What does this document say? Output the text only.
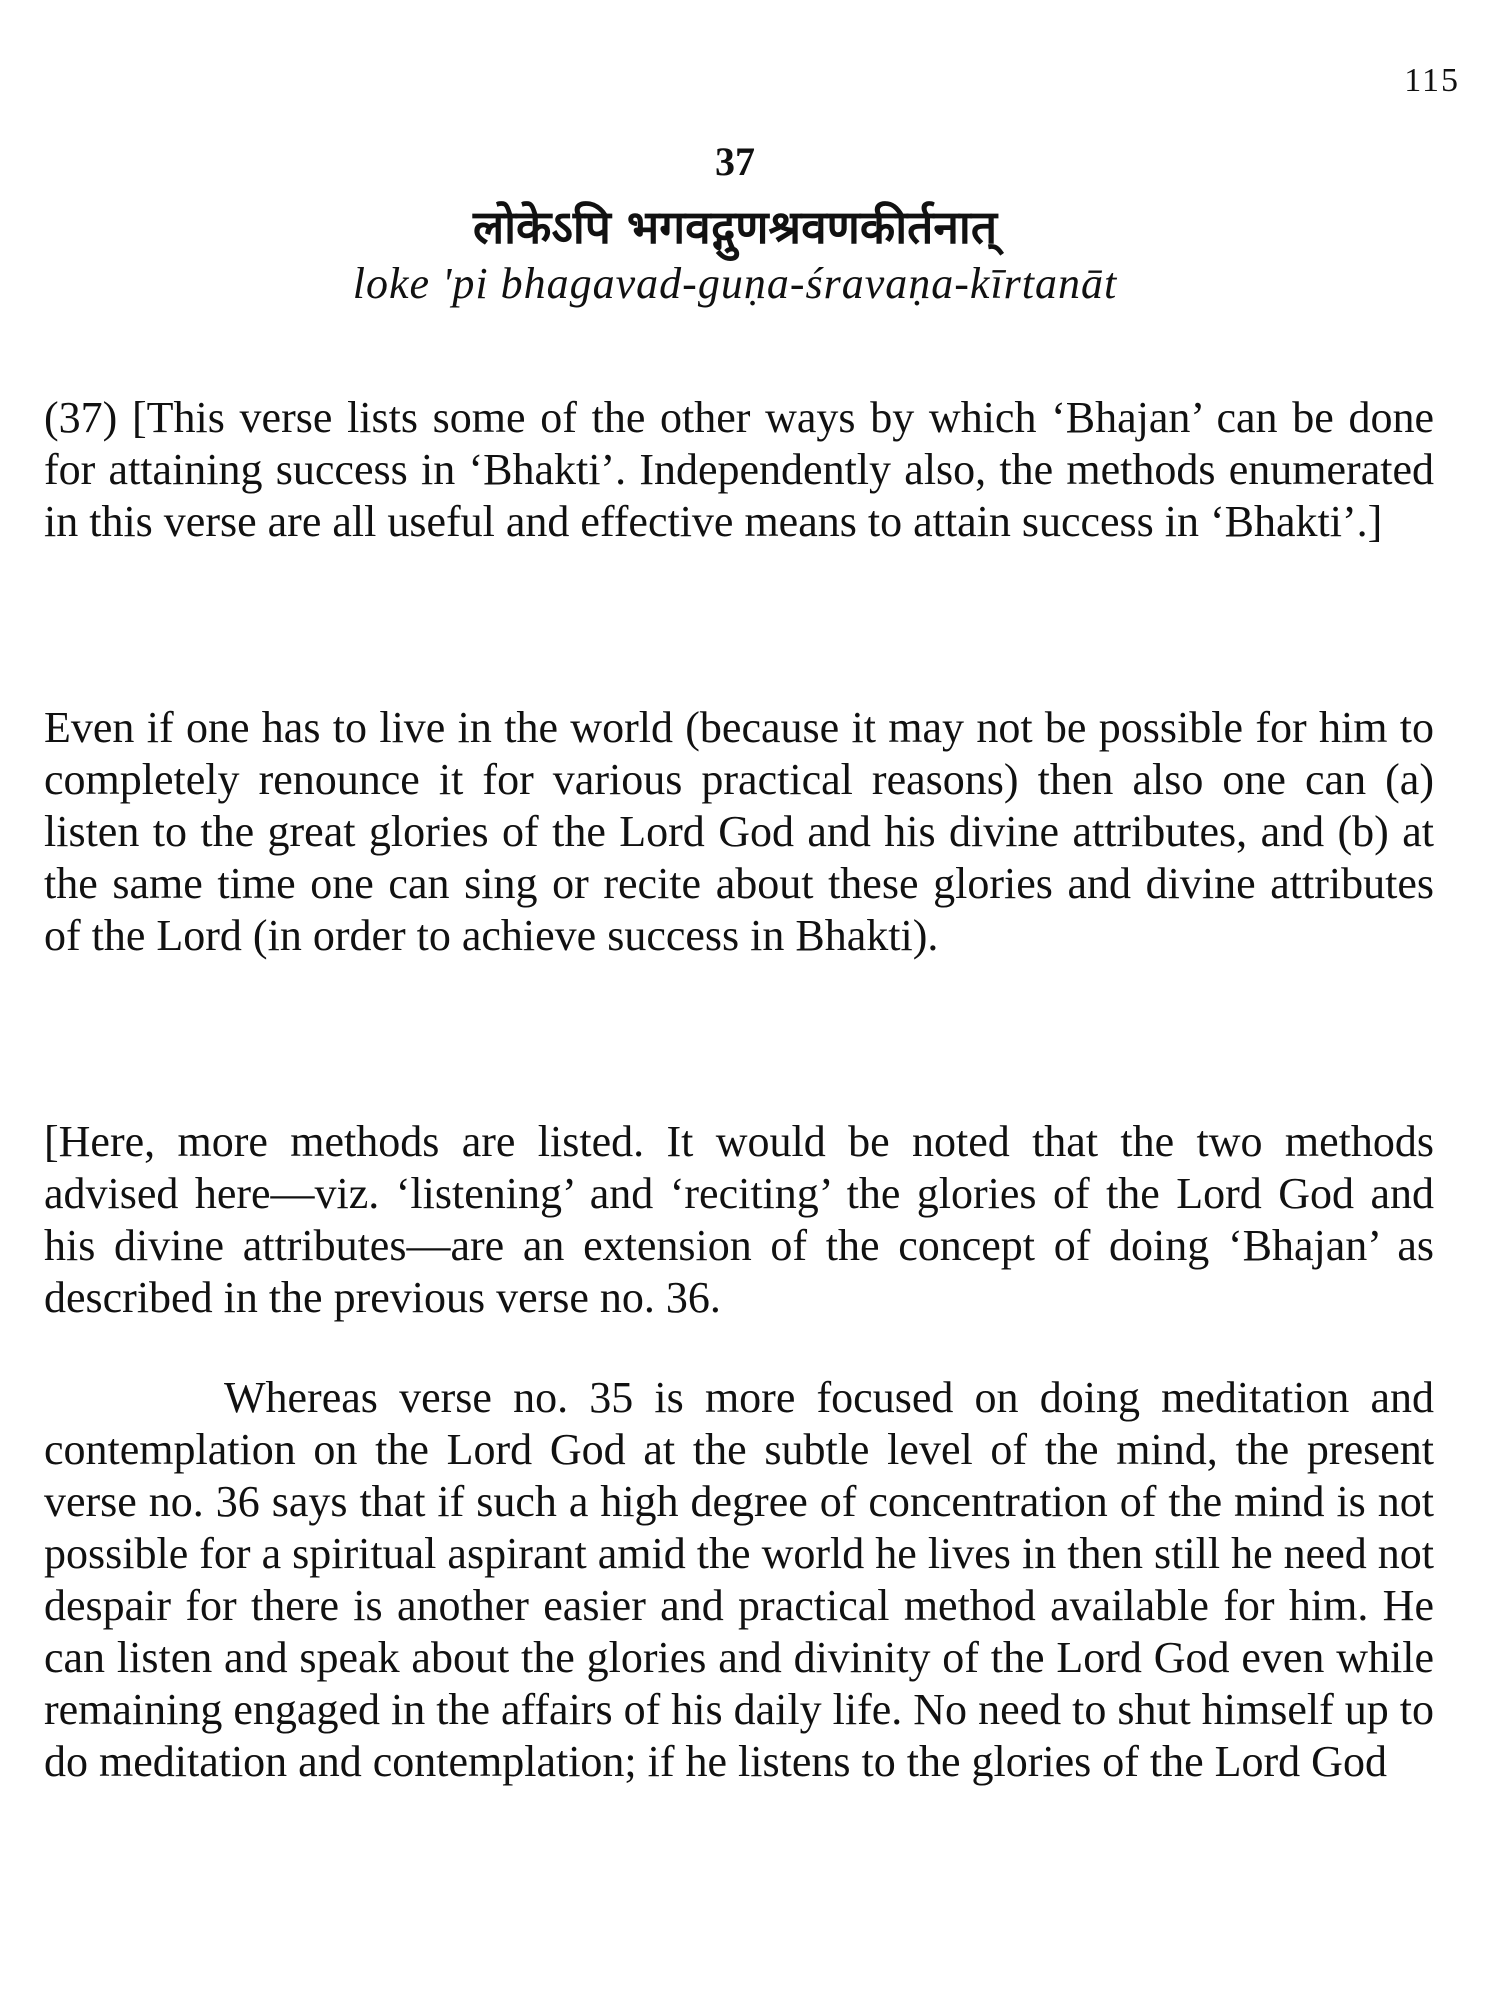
115
37
लोकेऽपि भगवद्गुणश्रवणकीर्तनात्
loke 'pi bhagavad-guṇa-śravaṇa-kīrtanāt

(37) [This verse lists some of the other ways by which ‘Bhajan’ can be done for attaining success in ‘Bhakti’. Independently also, the methods enumerated in this verse are all useful and effective means to attain success in ‘Bhakti’.]

Even if one has to live in the world (because it may not be possible for him to completely renounce it for various practical reasons) then also one can (a) listen to the great glories of the Lord God and his divine attributes, and (b) at the same time one can sing or recite about these glories and divine attributes of the Lord (in order to achieve success in Bhakti).

[Here, more methods are listed. It would be noted that the two methods advised here—viz. ‘listening’ and ‘reciting’ the glories of the Lord God and his divine attributes—are an extension of the concept of doing ‘Bhajan’ as described in the previous verse no. 36.

Whereas verse no. 35 is more focused on doing meditation and contemplation on the Lord God at the subtle level of the mind, the present verse no. 36 says that if such a high degree of concentration of the mind is not possible for a spiritual aspirant amid the world he lives in then still he need not despair for there is another easier and practical method available for him. He can listen and speak about the glories and divinity of the Lord God even while remaining engaged in the affairs of his daily life. No need to shut himself up to do meditation and contemplation; if he listens to the glories of the Lord God
